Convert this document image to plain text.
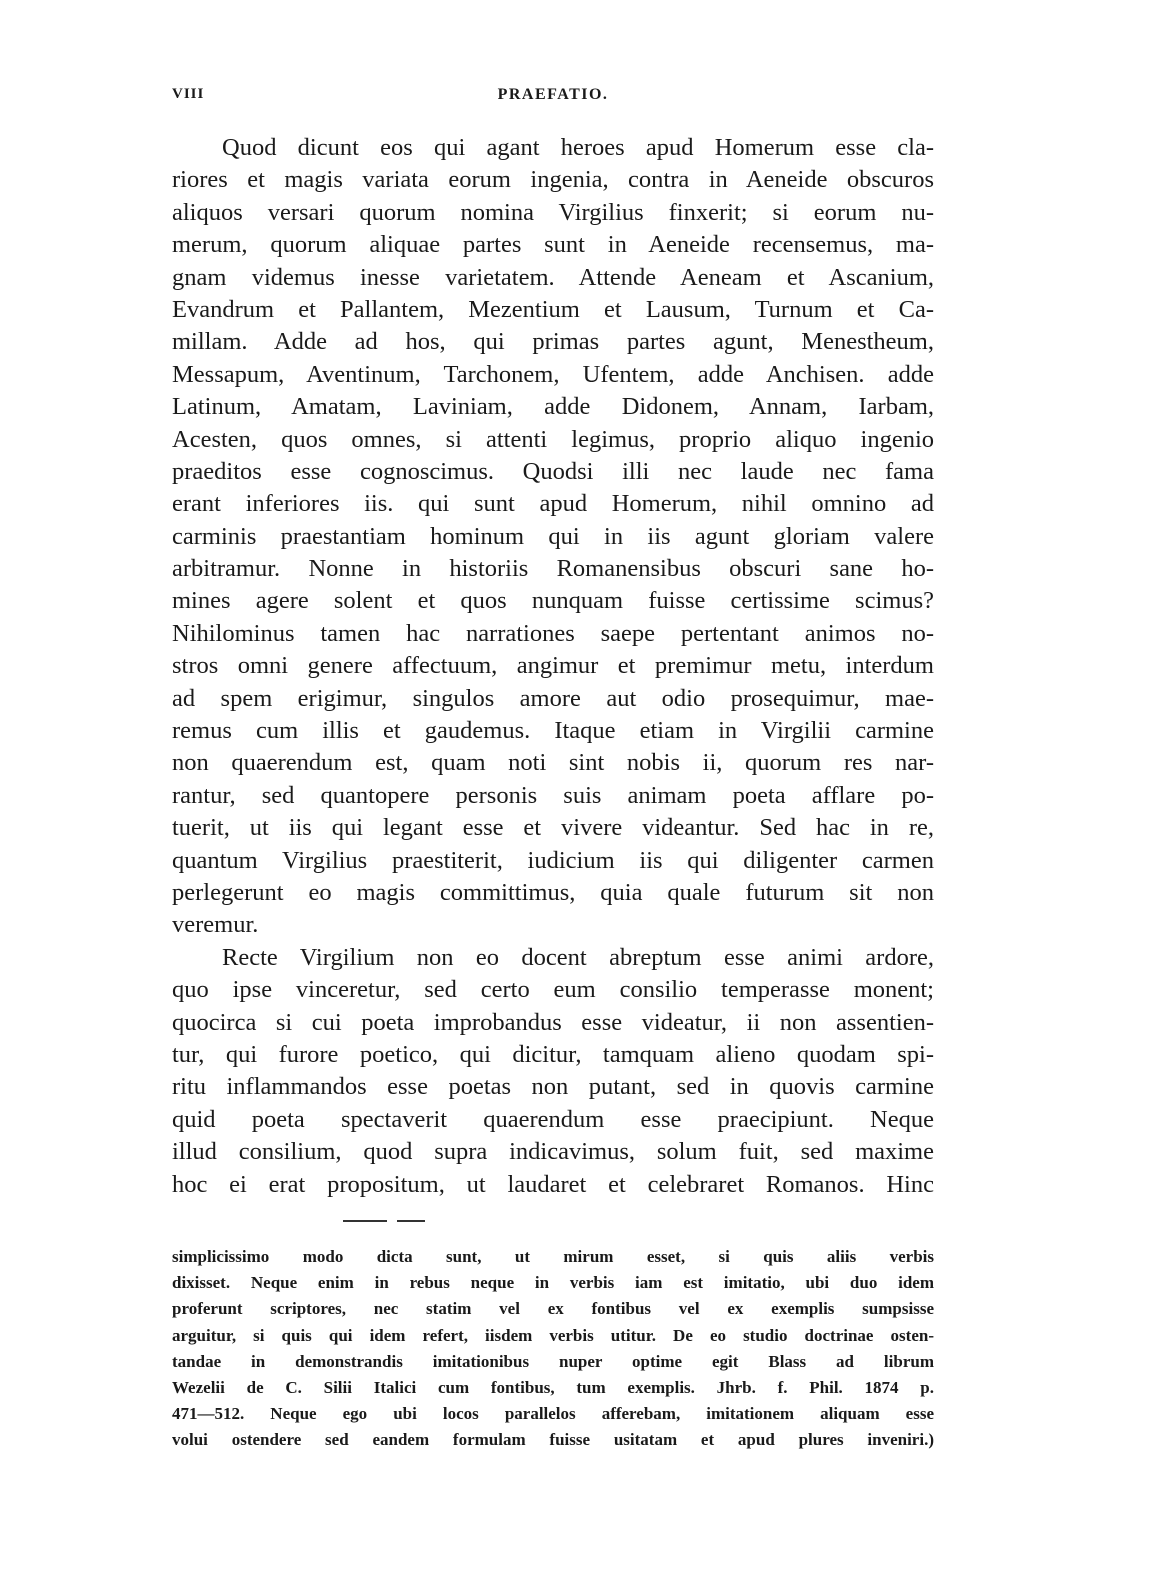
VIII	PRAEFATIO.
Quod dicunt eos qui agant heroes apud Homerum esse cla-
riores et magis variata eorum ingenia, contra in Aeneide obscuros
aliquos versari quorum nomina Virgilius finxerit; si eorum nu-
merum, quorum aliquae partes sunt in Aeneide recensemus, ma-
gnam videmus inesse varietatem. Attende Aeneam et Ascanium,
Evandrum et Pallantem, Mezentium et Lausum, Turnum et Ca-
millam. Adde ad hos, qui primas partes agunt, Menestheum,
Messapum, Aventinum, Tarchonem, Ufentem, adde Anchisen. adde
Latinum, Amatam, Laviniam, adde Didonem, Annam, Iarbam,
Acesten, quos omnes, si attenti legimus, proprio aliquo ingenio
praeditos esse cognoscimus. Quodsi illi nec laude nec fama
erant inferiores iis. qui sunt apud Homerum, nihil omnino ad
carminis praestantiam hominum qui in iis agunt gloriam valere
arbitramur. Nonne in historiis Romanensibus obscuri sane ho-
mines agere solent et quos nunquam fuisse certissime scimus?
Nihilominus tamen hac narrationes saepe pertentant animos no-
stros omni genere affectuum, angimur et premimur metu, interdum
ad spem erigimur, singulos amore aut odio prosequimur, mae-
remus cum illis et gaudemus. Itaque etiam in Virgilii carmine
non quaerendum est, quam noti sint nobis ii, quorum res nar-
rantur, sed quantopere personis suis animam poeta afflare po-
tuerit, ut iis qui legant esse et vivere videantur. Sed hac in re,
quantum Virgilius praestiterit, iudicium iis qui diligenter carmen
perlegerunt eo magis committimus, quia quale futurum sit non
veremur.
Recte Virgilium non eo docent abreptum esse animi ardore,
quo ipse vinceretur, sed certo eum consilio temperasse monent;
quocirca si cui poeta improbandus esse videatur, ii non assentien-
tur, qui furore poetico, qui dicitur, tamquam alieno quodam spi-
ritu inflammandos esse poetas non putant, sed in quovis carmine
quid poeta spectaverit quaerendum esse praecipiunt. Neque
illud consilium, quod supra indicavimus, solum fuit, sed maxime
hoc ei erat propositum, ut laudaret et celebraret Romanos. Hinc
simplicissimo modo dicta sunt, ut mirum esset, si quis aliis verbis
dixisset. Neque enim in rebus neque in verbis iam est imitatio, ubi duo idem
proferunt scriptores, nec statim vel ex fontibus vel ex exemplis sumpsisse
arguitur, si quis qui idem refert, iisdem verbis utitur. De eo studio doctrinae osten-
tandae in demonstrandis imitationibus nuper optime egit Blass ad librum
Wezelii de C. Silii Italici cum fontibus, tum exemplis. Jhrb. f. Phil. 1874 p.
471—512. Neque ego ubi locos parallelos afferebam, imitationem aliquam esse
volui ostendere sed eandem formulam fuisse usitatam et apud plures inveniri.)
